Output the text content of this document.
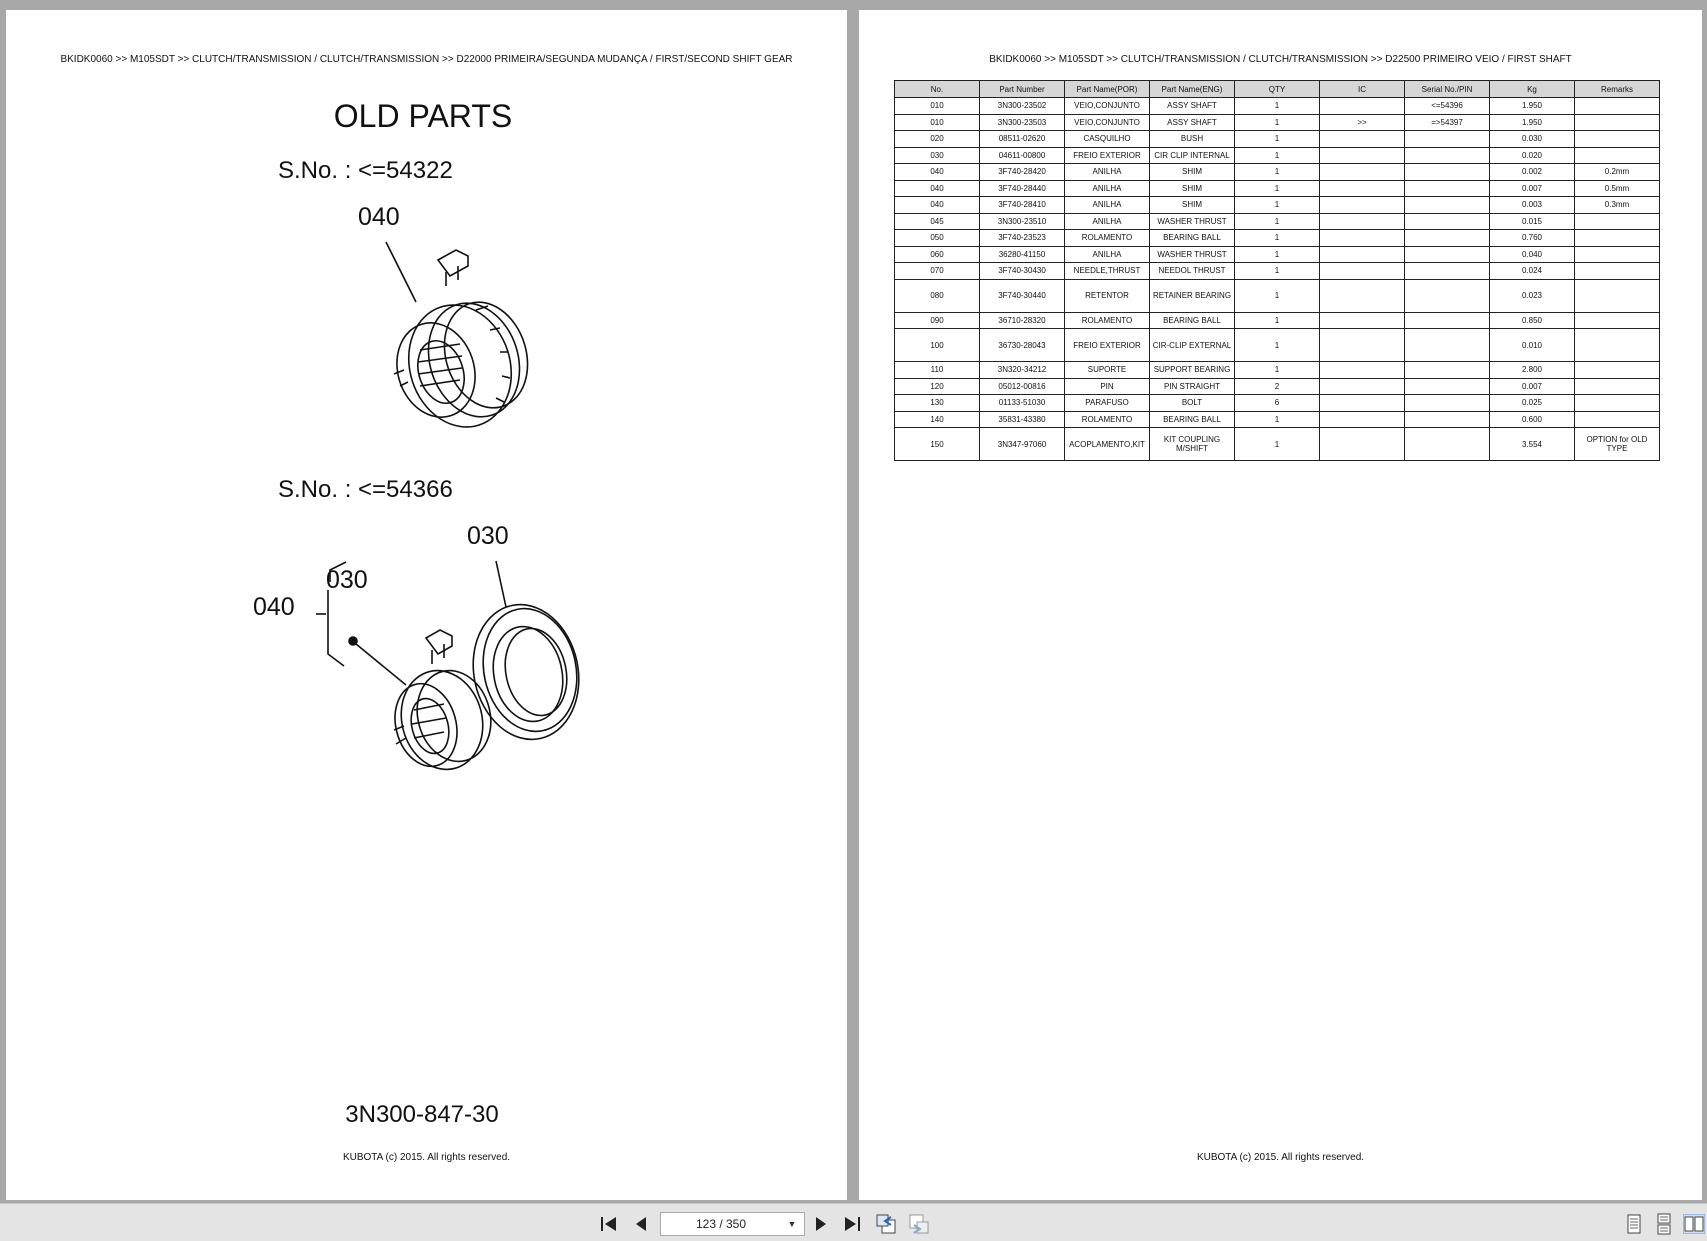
BKIDK0060 >> M105SDT >> CLUTCH/TRANSMISSION / CLUTCH/TRANSMISSION >> D22000 PRIMEIRA/SEGUNDA MUDANÇA / FIRST/SECOND SHIFT GEAR
OLD PARTS
S.No. : <=54322
040
S.No. : <=54366
030
030
040
3N300-847-30
KUBOTA (c) 2015. All rights reserved.
BKIDK0060 >> M105SDT >> CLUTCH/TRANSMISSION / CLUTCH/TRANSMISSION >> D22500 PRIMEIRO VEIO / FIRST SHAFT
No.	Part Number	Part Name(POR)	Part Name(ENG)	QTY	IC	Serial No./PIN	Kg	Remarks
010	3N300-23502	VEIO,CONJUNTO	ASSY SHAFT	1		<=54396	1.950	
010	3N300-23503	VEIO,CONJUNTO	ASSY SHAFT	1	>>	=>54397	1.950	
020	08511-02620	CASQUILHO	BUSH	1			0.030	
030	04611-00800	FREIO EXTERIOR	CIR CLIP INTERNAL	1			0.020	
040	3F740-28420	ANILHA	SHIM	1			0.002	0.2mm
040	3F740-28440	ANILHA	SHIM	1			0.007	0.5mm
040	3F740-28410	ANILHA	SHIM	1			0.003	0.3mm
045	3N300-23510	ANILHA	WASHER THRUST	1			0.015	
050	3F740-23523	ROLAMENTO	BEARING BALL	1			0.760	
060	36280-41150	ANILHA	WASHER THRUST	1			0.040	
070	3F740-30430	NEEDLE,THRUST	NEEDOL THRUST	1			0.024	
080	3F740-30440	RETENTOR	RETAINER BEARING	1			0.023	
090	36710-28320	ROLAMENTO	BEARING BALL	1			0.850	
100	36730-28043	FREIO EXTERIOR	CIR-CLIP EXTERNAL	1			0.010	
110	3N320-34212	SUPORTE	SUPPORT BEARING	1			2.800	
120	05012-00816	PIN	PIN STRAIGHT	2			0.007	
130	01133-51030	PARAFUSO	BOLT	6			0.025	
140	35831-43380	ROLAMENTO	BEARING BALL	1			0.600	
150	3N347-97060	ACOPLAMENTO,KIT	KIT COUPLING M/SHIFT	1			3.554	OPTION for OLD TYPE
KUBOTA (c) 2015. All rights reserved.
123 / 350
▼
